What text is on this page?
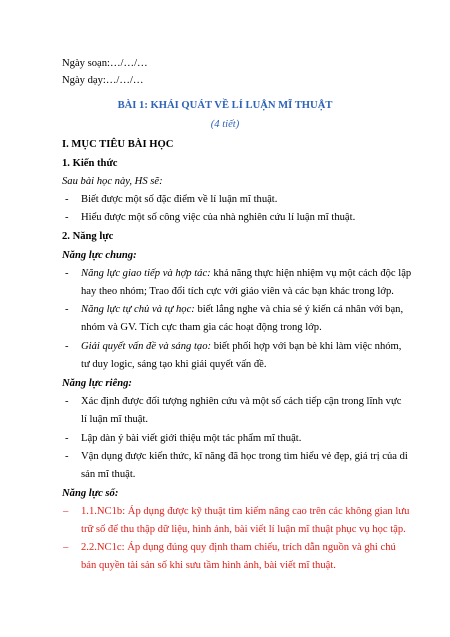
Ngày soạn:…/…/…
Ngày dạy:…/…/…
BÀI 1: KHÁI QUÁT VỀ LÍ LUẬN MĨ THUẬT
(4 tiết)
I. MỤC TIÊU BÀI HỌC
1. Kiến thức
Sau bài học này, HS sẽ:
- Biết được một số đặc điểm về lí luận mĩ thuật.
- Hiểu được một số công việc của nhà nghiên cứu lí luận mĩ thuật.
2. Năng lực
Năng lực chung:
- Năng lực giao tiếp và hợp tác: khả năng thực hiện nhiệm vụ một cách độc lập
hay theo nhóm; Trao đổi tích cực với giáo viên và các bạn khác trong lớp.
- Năng lực tự chủ và tự học: biết lắng nghe và chia sẻ ý kiến cá nhân với bạn,
nhóm và GV. Tích cực tham gia các hoạt động trong lớp.
- Giải quyết vấn đề và sáng tạo: biết phối hợp với bạn bè khi làm việc nhóm,
tư duy logic, sáng tạo khi giải quyết vấn đề.
Năng lực riêng:
- Xác định được đối tượng nghiên cứu và một số cách tiếp cận trong lĩnh vực
lí luận mĩ thuật.
- Lập dàn ý bài viết giới thiệu một tác phẩm mĩ thuật.
- Vận dụng được kiến thức, kĩ năng đã học trong tìm hiểu vẻ đẹp, giá trị của di
sản mĩ thuật.
Năng lực số:
– 1.1.NC1b: Áp dụng được kỹ thuật tìm kiếm nâng cao trên các không gian lưu
trữ số để thu thập dữ liệu, hình ảnh, bài viết lí luận mĩ thuật phục vụ học tập.
– 2.2.NC1c: Áp dụng đúng quy định tham chiếu, trích dẫn nguồn và ghi chú
bản quyền tài sản số khi sưu tầm hình ảnh, bài viết mĩ thuật.
